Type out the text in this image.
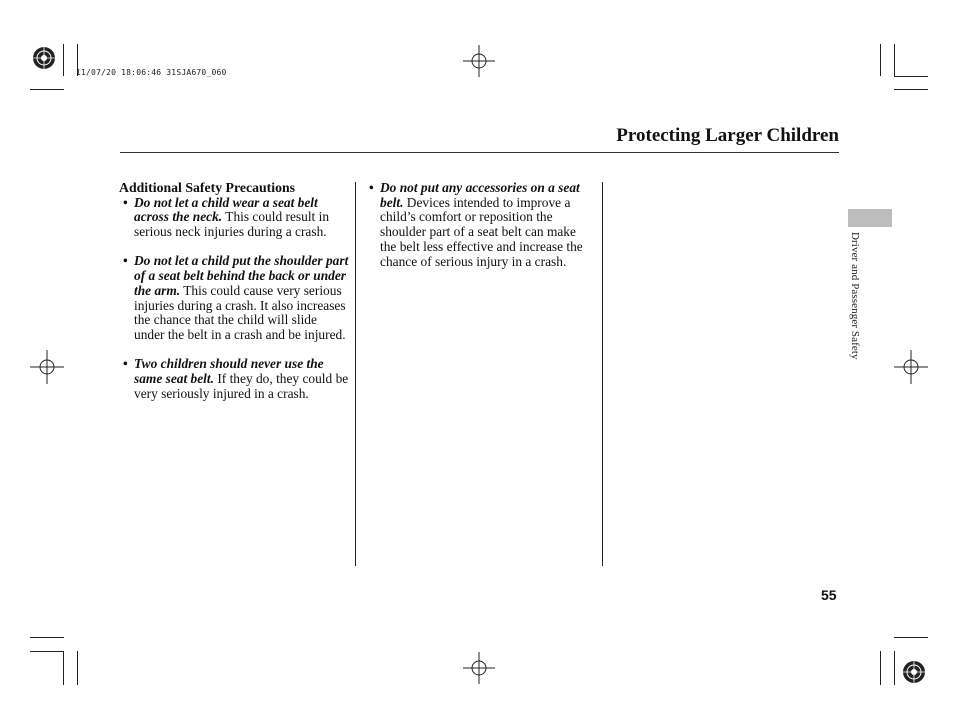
11/07/20 18:06:46 31SJA670_060
Protecting Larger Children
Additional Safety Precautions
• Do not let a child wear a seat belt across the neck. This could result in serious neck injuries during a crash.
• Do not let a child put the shoulder part of a seat belt behind the back or under the arm. This could cause very serious injuries during a crash. It also increases the chance that the child will slide under the belt in a crash and be injured.
• Two children should never use the same seat belt. If they do, they could be very seriously injured in a crash.
• Do not put any accessories on a seat belt. Devices intended to improve a child’s comfort or reposition the shoulder part of a seat belt can make the belt less effective and increase the chance of serious injury in a crash.	Driver and Passenger Safety
55
